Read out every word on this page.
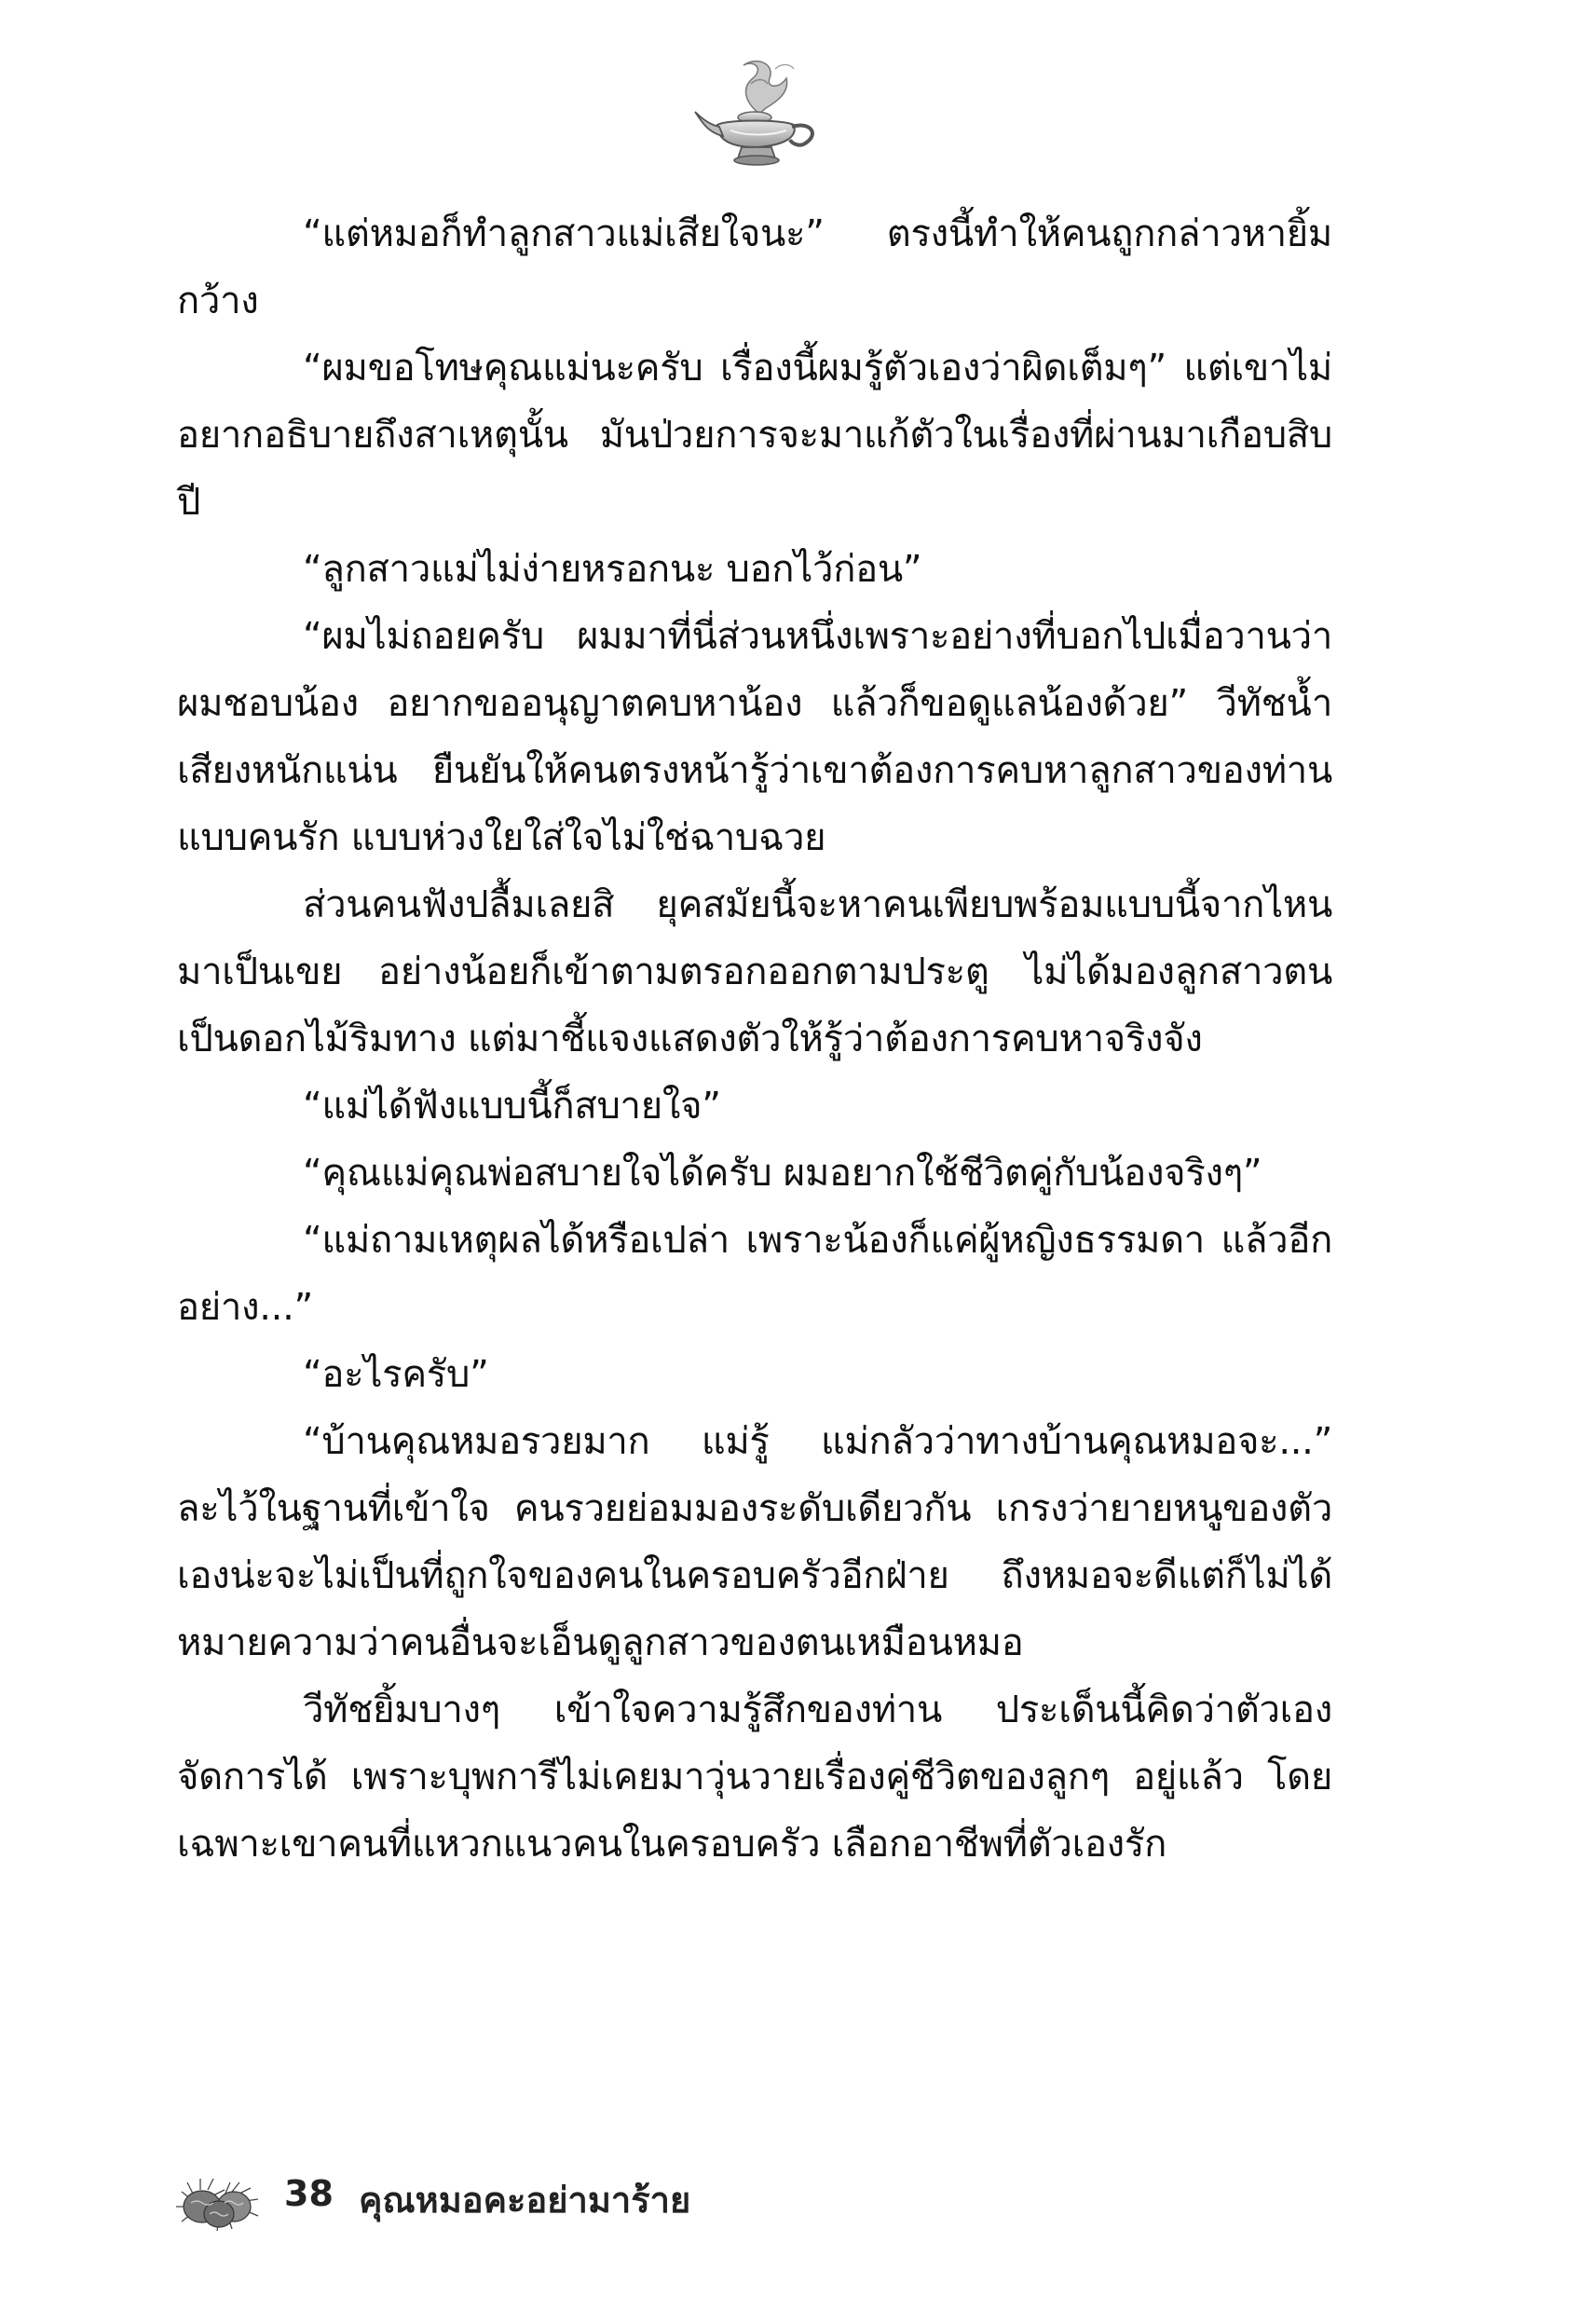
“แต่หมอก็ทำลูกสาวแม่เสียใจนะ” ตรงนี้ทำให้คนถูกกล่าวหายิ้มกว้าง

“ผมขอโทษคุณแม่นะครับ เรื่องนี้ผมรู้ตัวเองว่าผิดเต็มๆ” แต่เขาไม่อยากอธิบายถึงสาเหตุนั้น มันป่วยการจะมาแก้ตัวในเรื่องที่ผ่านมาเกือบสิบปี

“ลูกสาวแม่ไม่ง่ายหรอกนะ บอกไว้ก่อน”

“ผมไม่ถอยครับ ผมมาที่นี่ส่วนหนึ่งเพราะอย่างที่บอกไปเมื่อวานว่าผมชอบน้อง อยากขออนุญาตคบหาน้อง แล้วก็ขอดูแลน้องด้วย” วีทัชน้ำเสียงหนักแน่น ยืนยันให้คนตรงหน้ารู้ว่าเขาต้องการคบหาลูกสาวของท่านแบบคนรัก แบบห่วงใยใส่ใจไม่ใช่ฉาบฉวย

ส่วนคนฟังปลื้มเลยสิ ยุคสมัยนี้จะหาคนเพียบพร้อมแบบนี้จากไหนมาเป็นเขย อย่างน้อยก็เข้าตามตรอกออกตามประตู ไม่ได้มองลูกสาวตนเป็นดอกไม้ริมทาง แต่มาชี้แจงแสดงตัวให้รู้ว่าต้องการคบหาจริงจัง

“แม่ได้ฟังแบบนี้ก็สบายใจ”

“คุณแม่คุณพ่อสบายใจได้ครับ ผมอยากใช้ชีวิตคู่กับน้องจริงๆ”

“แม่ถามเหตุผลได้หรือเปล่า เพราะน้องก็แค่ผู้หญิงธรรมดา แล้วอีกอย่าง...”

“อะไรครับ”

“บ้านคุณหมอรวยมาก แม่รู้ แม่กลัวว่าทางบ้านคุณหมอจะ...” ละไว้ในฐานที่เข้าใจ คนรวยย่อมมองระดับเดียวกัน เกรงว่ายายหนูของตัวเองน่ะจะไม่เป็นที่ถูกใจของคนในครอบครัวอีกฝ่าย ถึงหมอจะดีแต่ก็ไม่ได้หมายความว่าคนอื่นจะเอ็นดูลูกสาวของตนเหมือนหมอ

วีทัชยิ้มบางๆ เข้าใจความรู้สึกของท่าน ประเด็นนี้คิดว่าตัวเองจัดการได้ เพราะบุพการีไม่เคยมาวุ่นวายเรื่องคู่ชีวิตของลูกๆ อยู่แล้ว โดยเฉพาะเขาคนที่แหวกแนวคนในครอบครัว เลือกอาชีพที่ตัวเองรัก

38 คุณหมอคะอย่ามาร้าย
